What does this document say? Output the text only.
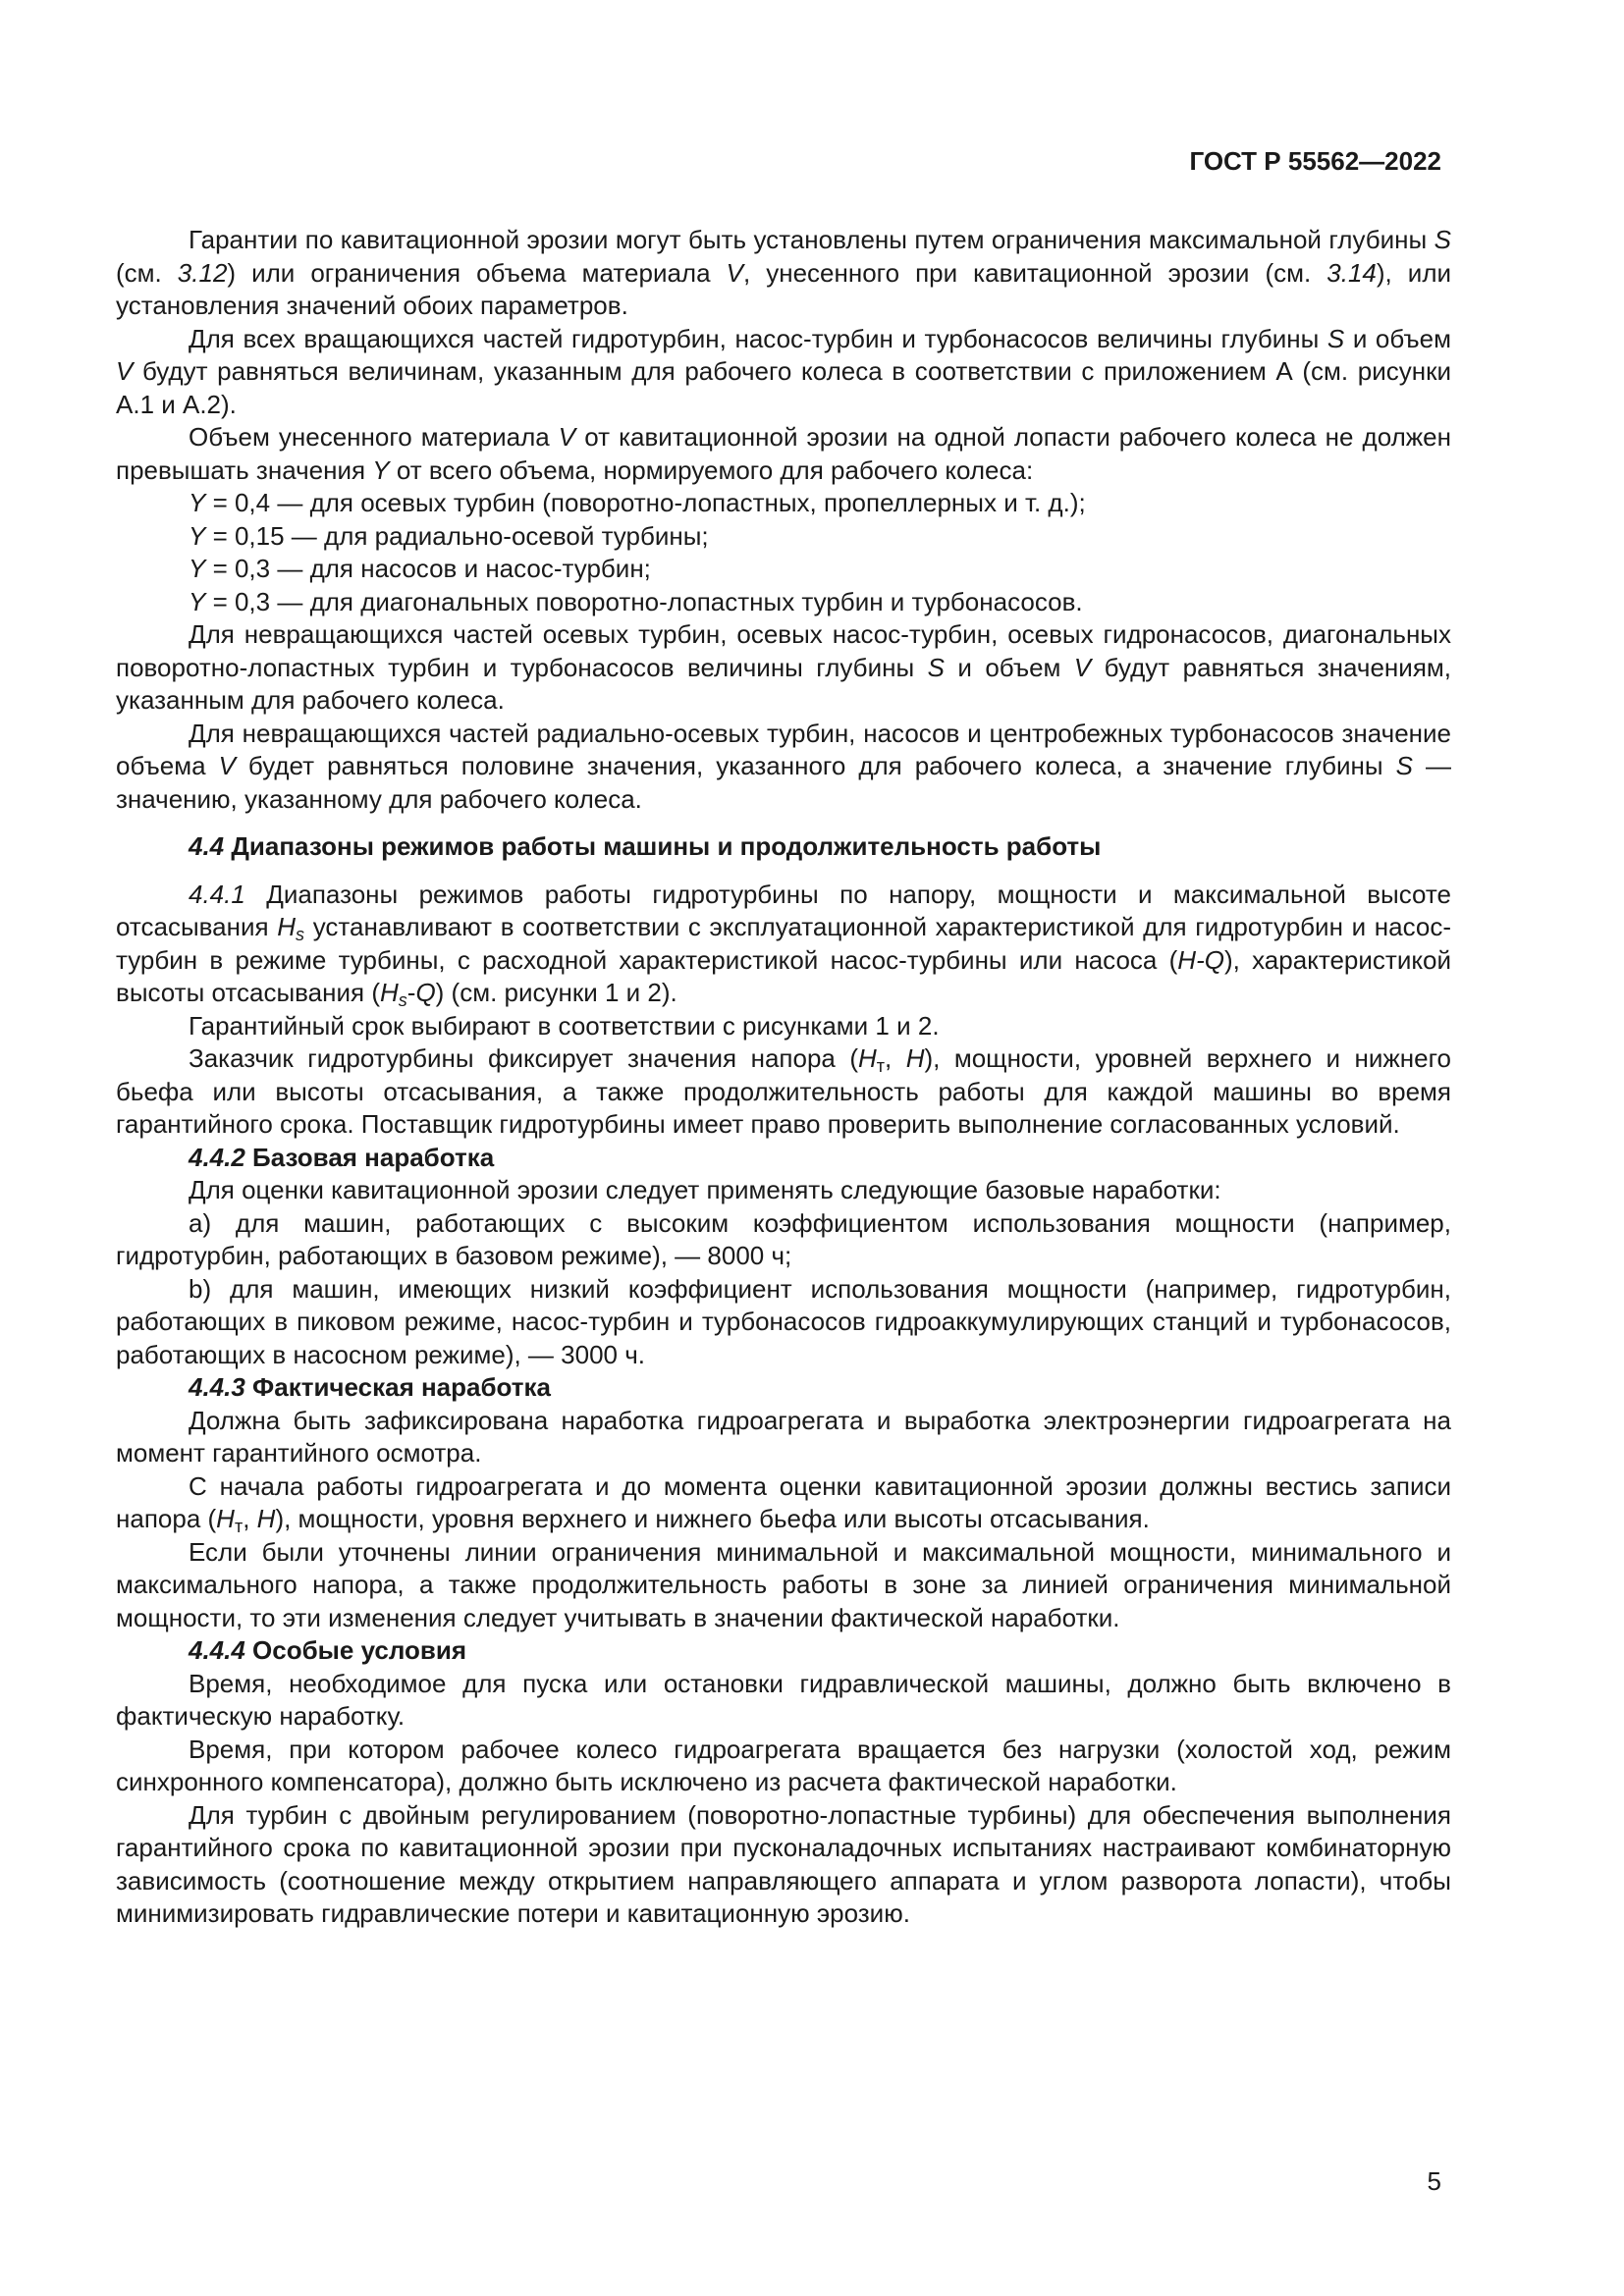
ГОСТ Р 55562—2022

Гарантии по кавитационной эрозии могут быть установлены путем ограничения максимальной глубины S (см. 3.12) или ограничения объема материала V, унесенного при кавитационной эрозии (см. 3.14), или установления значений обоих параметров.

Для всех вращающихся частей гидротурбин, насос-турбин и турбонасосов величины глубины S и объем V будут равняться величинам, указанным для рабочего колеса в соответствии с приложением А (см. рисунки А.1 и А.2).

Объем унесенного материала V от кавитационной эрозии на одной лопасти рабочего колеса не должен превышать значения Y от всего объема, нормируемого для рабочего колеса:

Y = 0,4 — для осевых турбин (поворотно-лопастных, пропеллерных и т. д.);
Y = 0,15 — для радиально-осевой турбины;
Y = 0,3 — для насосов и насос-турбин;
Y = 0,3 — для диагональных поворотно-лопастных турбин и турбонасосов.

Для невращающихся частей осевых турбин, осевых насос-турбин, осевых гидронасосов, диагональных поворотно-лопастных турбин и турбонасосов величины глубины S и объем V будут равняться значениям, указанным для рабочего колеса.

Для невращающихся частей радиально-осевых турбин, насосов и центробежных турбонасосов значение объема V будет равняться половине значения, указанного для рабочего колеса, а значение глубины S — значению, указанному для рабочего колеса.

4.4 Диапазоны режимов работы машины и продолжительность работы

4.4.1 Диапазоны режимов работы гидротурбины по напору, мощности и максимальной высоте отсасывания $H_s$ устанавливают в соответствии с эксплуатационной характеристикой для гидротурбин и насос-турбин в режиме турбины, с расходной характеристикой насос-турбины или насоса (H-Q), характеристикой высоты отсасывания $(H_s-Q)$ (см. рисунки 1 и 2).

Гарантийный срок выбирают в соответствии с рисунками 1 и 2.

Заказчик гидротурбины фиксирует значения напора ($H_т$, H), мощности, уровней верхнего и нижнего бьефа или высоты отсасывания, а также продолжительность работы для каждой машины во время гарантийного срока. Поставщик гидротурбины имеет право проверить выполнение согласованных условий.

4.4.2 Базовая наработка

Для оценки кавитационной эрозии следует применять следующие базовые наработки:

a) для машин, работающих с высоким коэффициентом использования мощности (например, гидротурбин, работающих в базовом режиме), — 8000 ч;

b) для машин, имеющих низкий коэффициент использования мощности (например, гидротурбин, работающих в пиковом режиме, насос-турбин и турбонасосов гидроаккумулирующих станций и турбонасосов, работающих в насосном режиме), — 3000 ч.

4.4.3 Фактическая наработка

Должна быть зафиксирована наработка гидроагрегата и выработка электроэнергии гидроагрегата на момент гарантийного осмотра.

С начала работы гидроагрегата и до момента оценки кавитационной эрозии должны вестись записи напора ($H_т$, H), мощности, уровня верхнего и нижнего бьефа или высоты отсасывания.

Если были уточнены линии ограничения минимальной и максимальной мощности, минимального и максимального напора, а также продолжительность работы в зоне за линией ограничения минимальной мощности, то эти изменения следует учитывать в значении фактической наработки.

4.4.4 Особые условия

Время, необходимое для пуска или остановки гидравлической машины, должно быть включено в фактическую наработку.

Время, при котором рабочее колесо гидроагрегата вращается без нагрузки (холостой ход, режим синхронного компенсатора), должно быть исключено из расчета фактической наработки.

Для турбин с двойным регулированием (поворотно-лопастные турбины) для обеспечения выполнения гарантийного срока по кавитационной эрозии при пусконаладочных испытаниях настраивают комбинаторную зависимость (соотношение между открытием направляющего аппарата и углом разворота лопасти), чтобы минимизировать гидравлические потери и кавитационную эрозию.

5
